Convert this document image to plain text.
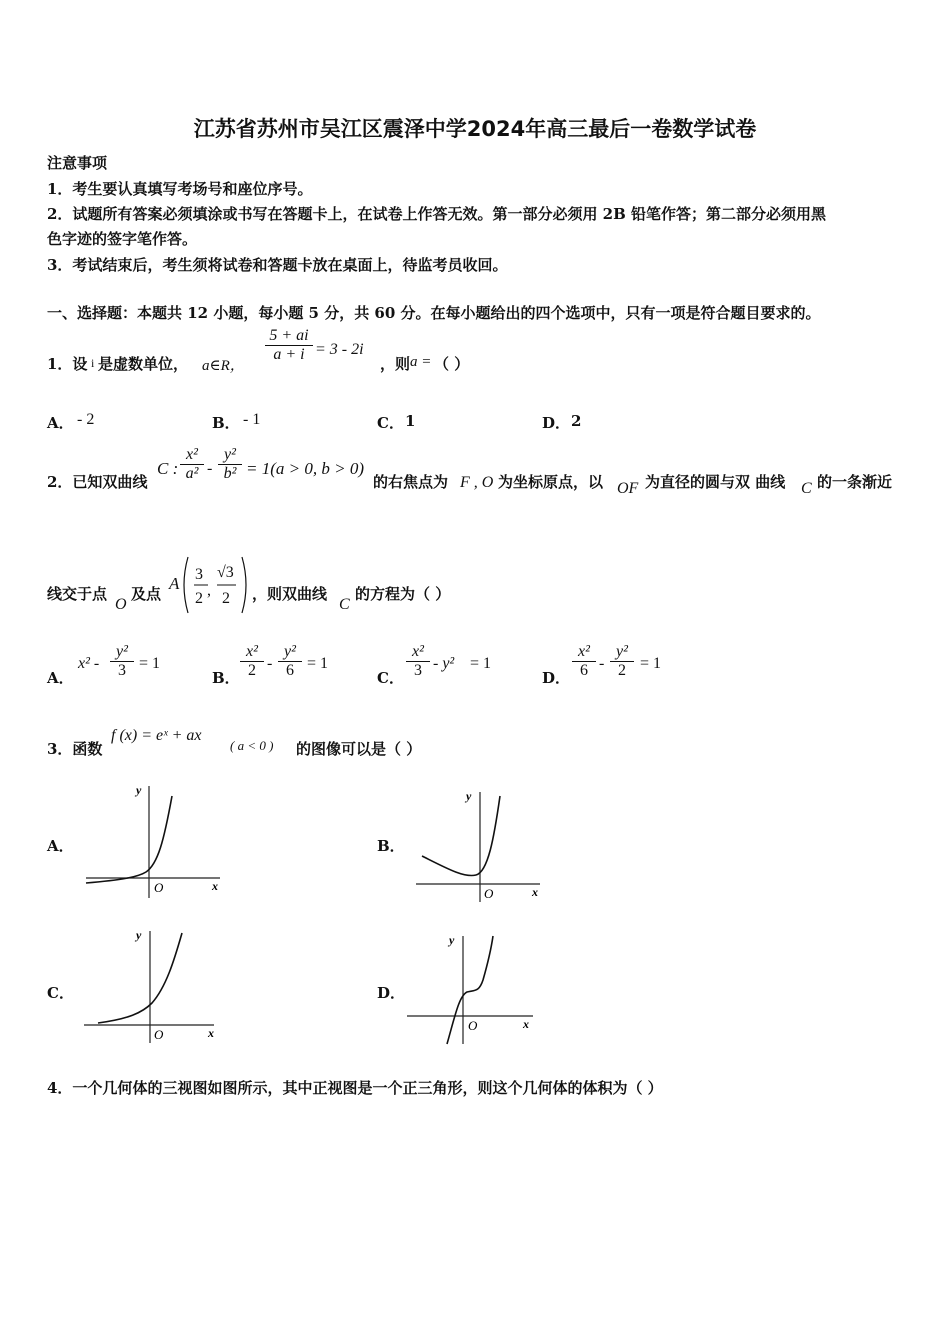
江苏省苏州市吴江区震泽中学2024年高三最后一卷数学试卷
注意事项
1．考生要认真填写考场号和座位序号。
2．试题所有答案必须填涂或书写在答题卡上，在试卷上作答无效。第一部分必须用 2B 铅笔作答；第二部分必须用黑
色字迹的签字笔作答。
3．考试结束后，考生须将试卷和答题卡放在桌面上，待监考员收回。
一、选择题：本题共 12 小题，每小题 5 分，共 60 分。在每小题给出的四个选项中，只有一项是符合题目要求的。
1．设 i 是虚数单位， a∈R，
$\frac{5 + ai}{a + i} = 3 - 2i$
，则 a = （ ）
A． - 2	B． - 1	C． 1	D． 2
2．已知双曲线
C : $\frac{\text{x²}}{\text{a²}} - \frac{\text{y²}}{\text{b²}} = 1(a > 0$, b > 0)
的右焦点为 F , O 为坐标原点，以 OF 为直径的圆与双 曲线 C 的一条渐近
线交于点
O
及点
A 3
2 ,
√3
2 ，则双曲线
C
的方程为（ ）
A．
$x^2 - \frac{\text{y²}}{3} = 1$
B． $\frac{\text{x²}}{2} - \frac{\text{y²}}{6} = 1$
C． $\frac{\text{x²}}{3} - y^2 = 1$
D． $\frac{\text{x²}}{6} - \frac{\text{y²}}{2} = 1$
3．函数
f (x) = eˣ + ax
( a < 0 ) 的图像可以是（ ）
A．	B．
C．	D．
y
x
O
y
x
O
y
x
O
y
x
O
4．一个几何体的三视图如图所示，其中正视图是一个正三角形，则这个几何体的体积为（ ）
